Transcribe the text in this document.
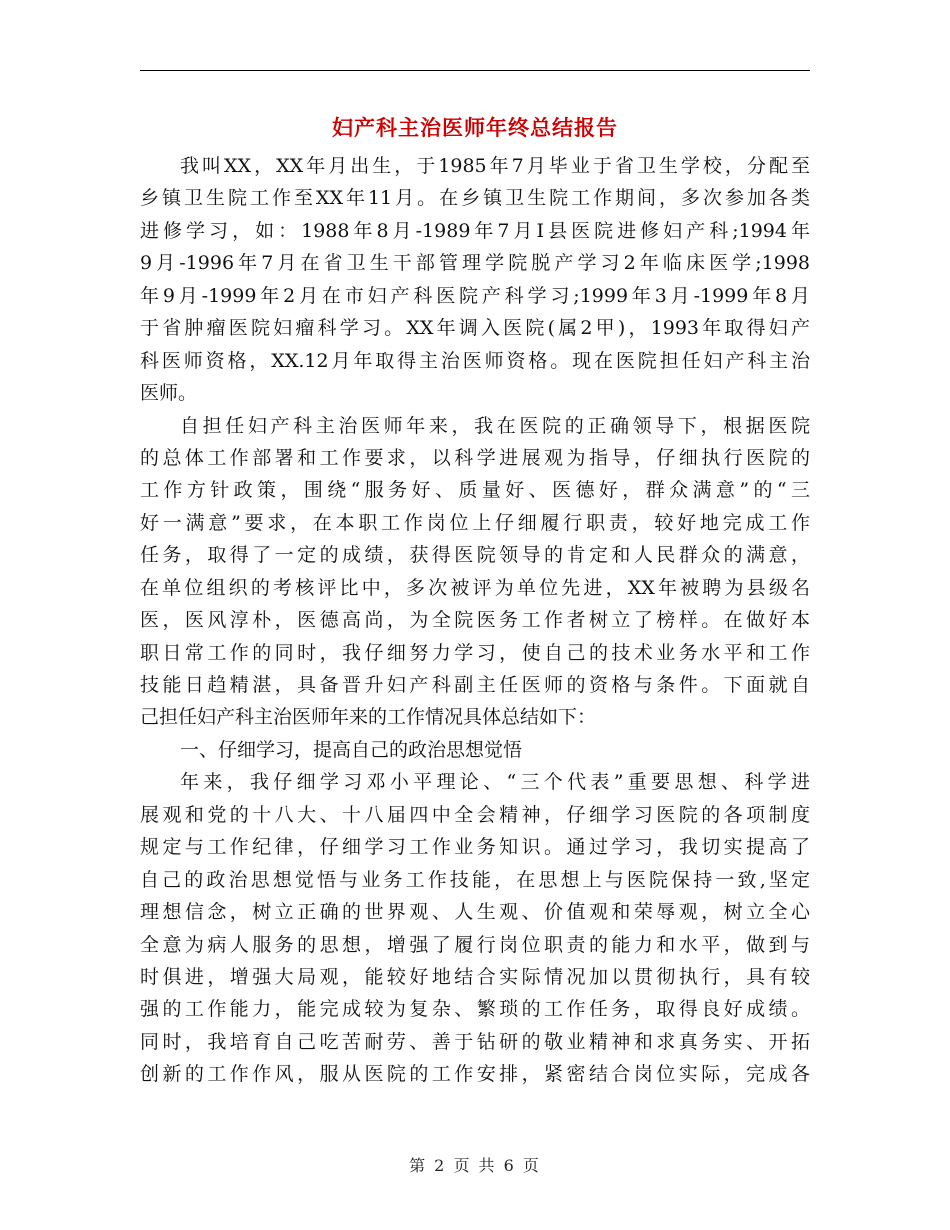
妇产科主治医师年终总结报告
我叫XX，XX年月出生，于1985年7月毕业于省卫生学校，分配至
乡镇卫生院工作至XX年11月。在乡镇卫生院工作期间，多次参加各类
进修学习，如：1988年8月-1989年7月Ⅰ县医院进修妇产科;1994年
9月-1996年7月在省卫生干部管理学院脱产学习2年临床医学;1998
年9月-1999年2月在市妇产科医院产科学习;1999年3月-1999年8月
于省肿瘤医院妇瘤科学习。XX年调入医院(属2甲)，1993年取得妇产
科医师资格，XX.12月年取得主治医师资格。现在医院担任妇产科主治
医师。
自担任妇产科主治医师年来，我在医院的正确领导下，根据医院
的总体工作部署和工作要求，以科学进展观为指导，仔细执行医院的
工作方针政策，围绕“服务好、质量好、医德好，群众满意”的“三
好一满意”要求，在本职工作岗位上仔细履行职责，较好地完成工作
任务，取得了一定的成绩，获得医院领导的肯定和人民群众的满意，
在单位组织的考核评比中，多次被评为单位先进，XX年被聘为县级名
医，医风淳朴，医德高尚，为全院医务工作者树立了榜样。在做好本
职日常工作的同时，我仔细努力学习，使自己的技术业务水平和工作
技能日趋精湛，具备晋升妇产科副主任医师的资格与条件。下面就自
己担任妇产科主治医师年来的工作情况具体总结如下：
一、仔细学习，提高自己的政治思想觉悟
年来，我仔细学习邓小平理论、“三个代表”重要思想、科学进
展观和党的十八大、十八届四中全会精神，仔细学习医院的各项制度
规定与工作纪律，仔细学习工作业务知识。通过学习，我切实提高了
自己的政治思想觉悟与业务工作技能，在思想上与医院保持一致,坚定
理想信念，树立正确的世界观、人生观、价值观和荣辱观，树立全心
全意为病人服务的思想，增强了履行岗位职责的能力和水平，做到与
时俱进，增强大局观，能较好地结合实际情况加以贯彻执行，具有较
强的工作能力，能完成较为复杂、繁琐的工作任务，取得良好成绩。
同时，我培育自己吃苦耐劳、善于钻研的敬业精神和求真务实、开拓
创新的工作作风，服从医院的工作安排，紧密结合岗位实际，完成各
第 2 页 共 6 页
